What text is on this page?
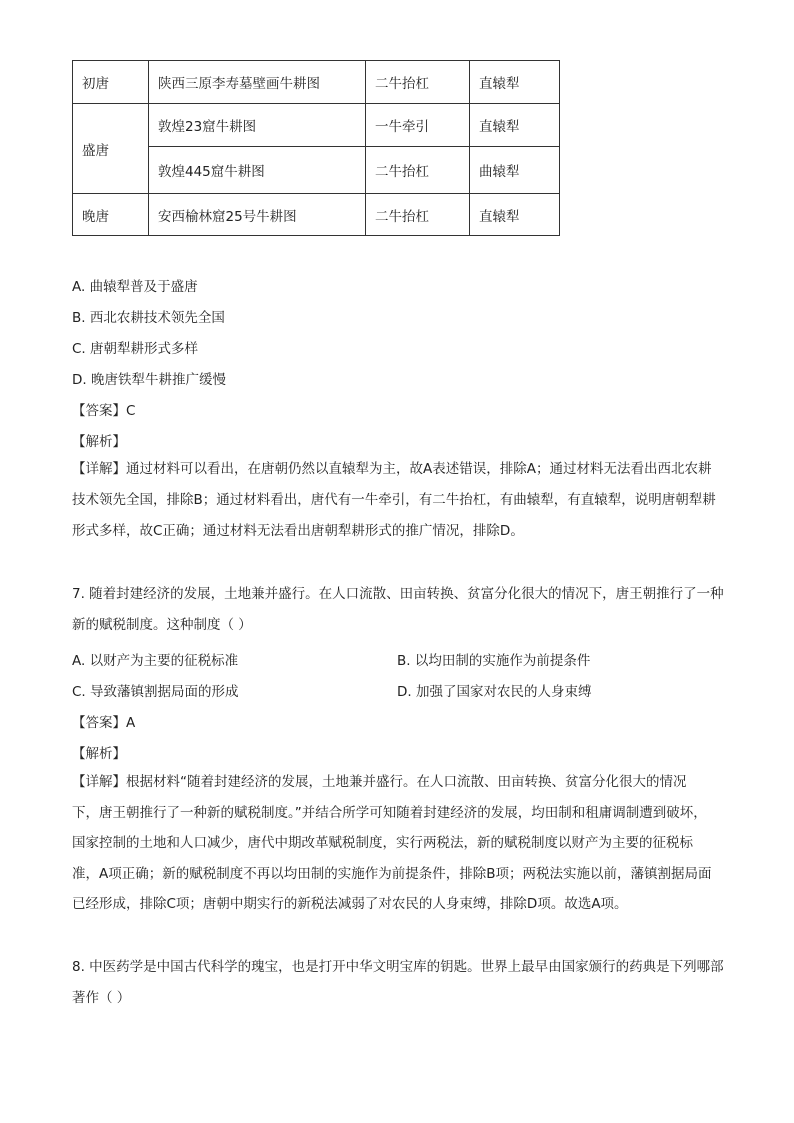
初唐	陕西三原李寿墓壁画牛耕图	二牛抬杠	直辕犁
盛唐	敦煌23窟牛耕图	一牛牵引	直辕犁
	敦煌445窟牛耕图	二牛抬杠	曲辕犁
晚唐	安西榆林窟25号牛耕图	二牛抬杠	直辕犁
A. 曲辕犁普及于盛唐
B. 西北农耕技术领先全国
C. 唐朝犁耕形式多样
D. 晚唐铁犁牛耕推广缓慢
【答案】C
【解析】
【详解】通过材料可以看出，在唐朝仍然以直辕犁为主，故A表述错误，排除A；通过材料无法看出西北农耕技术领先全国，排除B；通过材料看出，唐代有一牛牵引，有二牛抬杠，有曲辕犁，有直辕犁，说明唐朝犁耕形式多样，故C正确；通过材料无法看出唐朝犁耕形式的推广情况，排除D。
7. 随着封建经济的发展，土地兼并盛行。在人口流散、田亩转换、贫富分化很大的情况下，唐王朝推行了一种新的赋税制度。这种制度（ ）
A. 以财产为主要的征税标准	B. 以均田制的实施作为前提条件
C. 导致藩镇割据局面的形成	D. 加强了国家对农民的人身束缚
【答案】A
【解析】
【详解】根据材料“随着封建经济的发展，土地兼并盛行。在人口流散、田亩转换、贫富分化很大的情况下，唐王朝推行了一种新的赋税制度。”并结合所学可知随着封建经济的发展，均田制和租庸调制遭到破坏，国家控制的土地和人口减少，唐代中期改革赋税制度，实行两税法，新的赋税制度以财产为主要的征税标准，A项正确；新的赋税制度不再以均田制的实施作为前提条件，排除B项；两税法实施以前，藩镇割据局面已经形成，排除C项；唐朝中期实行的新税法减弱了对农民的人身束缚，排除D项。故选A项。
8. 中医药学是中国古代科学的瑰宝，也是打开中华文明宝库的钥匙。世界上最早由国家颁行的药典是下列哪部著作（ ）
